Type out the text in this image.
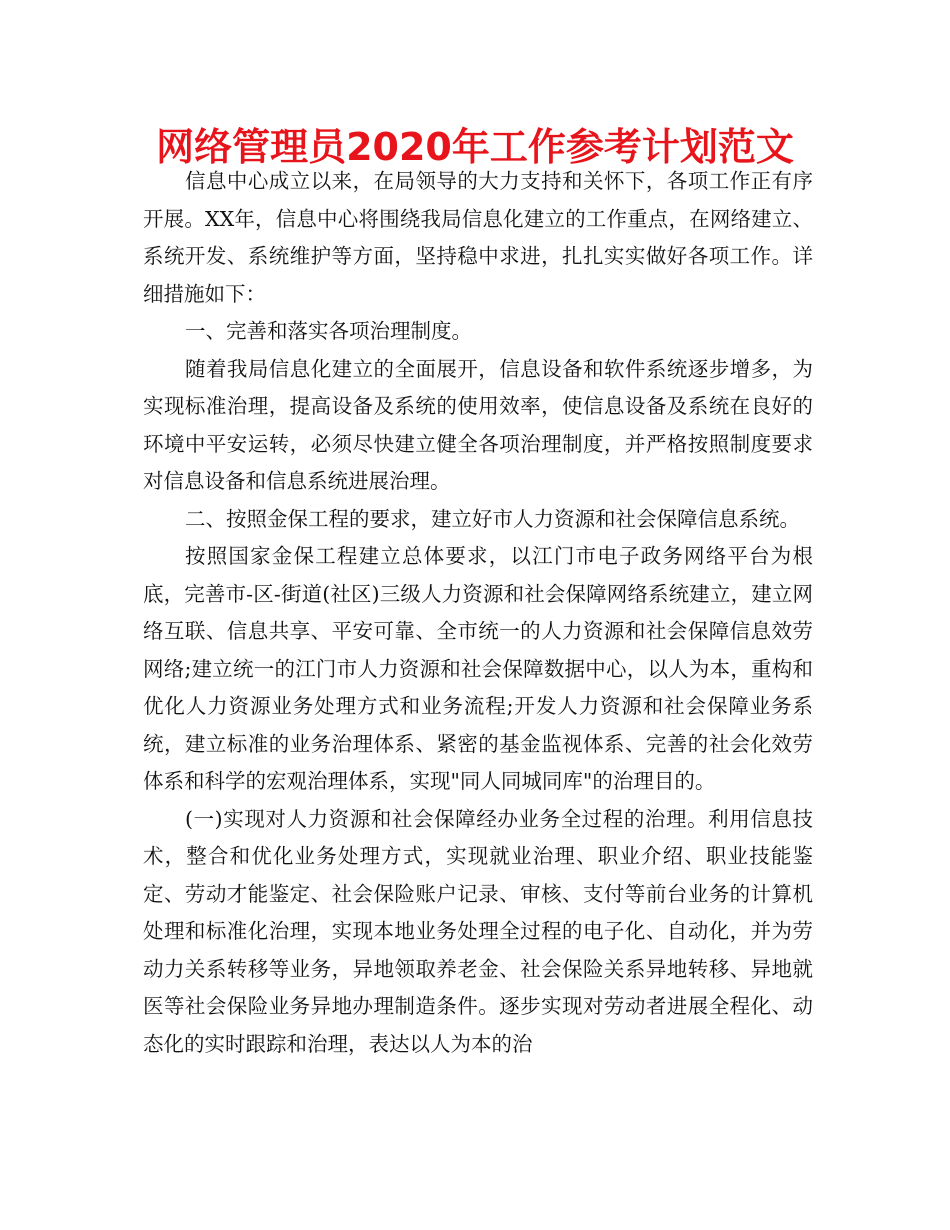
网络管理员2020年工作参考计划范文

信息中心成立以来，在局领导的大力支持和关怀下，各项工作正有序开展。XX年，信息中心将围绕我局信息化建立的工作重点，在网络建立、系统开发、系统维护等方面，坚持稳中求进，扎扎实实做好各项工作。详细措施如下：

一、完善和落实各项治理制度。

随着我局信息化建立的全面展开，信息设备和软件系统逐步增多，为实现标准治理，提高设备及系统的使用效率，使信息设备及系统在良好的环境中平安运转，必须尽快建立健全各项治理制度，并严格按照制度要求对信息设备和信息系统进展治理。

二、按照金保工程的要求，建立好市人力资源和社会保障信息系统。

按照国家金保工程建立总体要求，以江门市电子政务网络平台为根底，完善市-区-街道(社区)三级人力资源和社会保障网络系统建立，建立网络互联、信息共享、平安可靠、全市统一的人力资源和社会保障信息效劳网络;建立统一的江门市人力资源和社会保障数据中心，以人为本，重构和优化人力资源业务处理方式和业务流程;开发人力资源和社会保障业务系统，建立标准的业务治理体系、紧密的基金监视体系、完善的社会化效劳体系和科学的宏观治理体系，实现"同人同城同库"的治理目的。

(一)实现对人力资源和社会保障经办业务全过程的治理。利用信息技术，整合和优化业务处理方式，实现就业治理、职业介绍、职业技能鉴定、劳动才能鉴定、社会保险账户记录、审核、支付等前台业务的计算机处理和标准化治理，实现本地业务处理全过程的电子化、自动化，并为劳动力关系转移等业务，异地领取养老金、社会保险关系异地转移、异地就医等社会保险业务异地办理制造条件。逐步实现对劳动者进展全程化、动态化的实时跟踪和治理，表达以人为本的治
